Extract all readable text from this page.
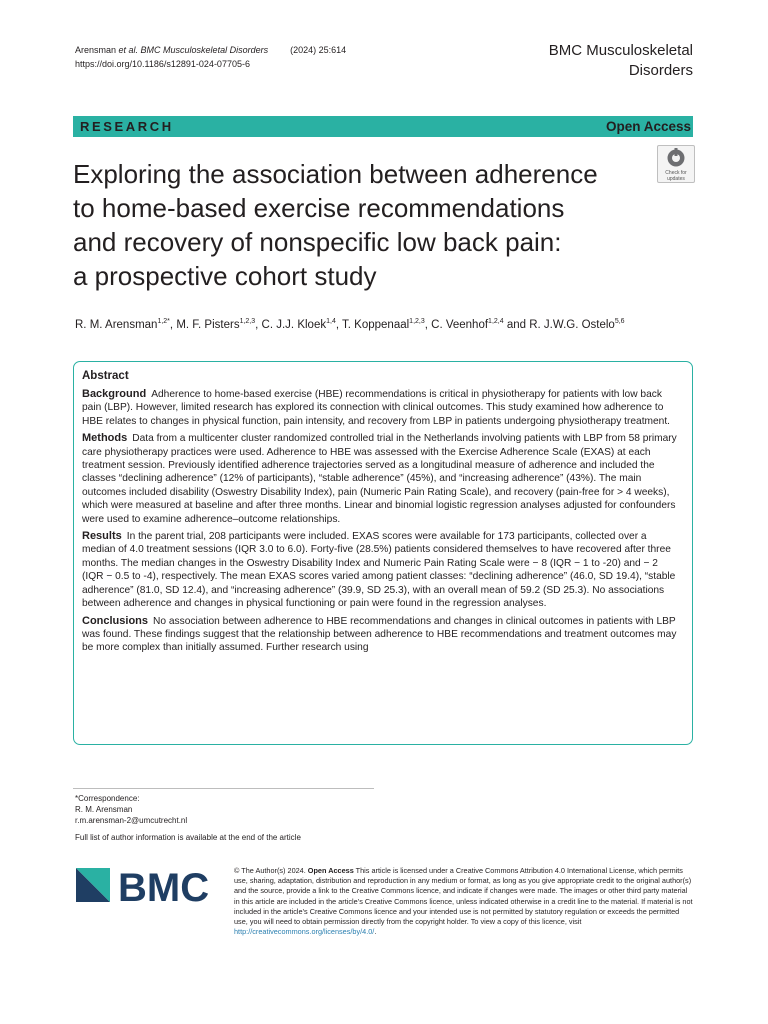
Arensman et al. BMC Musculoskeletal Disorders (2024) 25:614
https://doi.org/10.1186/s12891-024-07705-6
BMC Musculoskeletal
Disorders
RESEARCH	Open Access
Check for updates
Exploring the association between adherence
to home-based exercise recommendations
and recovery of nonspecific low back pain:
a prospective cohort study
R. M. Arensman$^{1,2*}$, M. F. Pisters$^{1,2,3}$, C. J.J. Kloek$^{1,4}$, T. Koppenaal$^{1,2,3}$, C. Veenhof$^{1,2,4}$ and R. J.W.G. Ostelo$^{5,6}$
Abstract

Background Adherence to home-based exercise (HBE) recommendations is critical in physiotherapy for patients with low back pain (LBP). However, limited research has explored its connection with clinical outcomes. This study examined how adherence to HBE relates to changes in physical function, pain intensity, and recovery from LBP in patients undergoing physiotherapy treatment.

Methods Data from a multicenter cluster randomized controlled trial in the Netherlands involving patients with LBP from 58 primary care physiotherapy practices were used. Adherence to HBE was assessed with the Exercise Adherence Scale (EXAS) at each treatment session. Previously identified adherence trajectories served as a longitudinal measure of adherence and included the classes “declining adherence” (12% of participants), “stable adherence” (45%), and “increasing adherence” (43%). The main outcomes included disability (Oswestry Disability Index), pain (Numeric Pain Rating Scale), and recovery (pain-free for > 4 weeks), which were measured at baseline and after three months. Linear and binomial logistic regression analyses adjusted for confounders were used to examine adherence–outcome relationships.

Results In the parent trial, 208 participants were included. EXAS scores were available for 173 participants, collected over a median of 4.0 treatment sessions (IQR 3.0 to 6.0). Forty-five (28.5%) patients considered themselves to have recovered after three months. The median changes in the Oswestry Disability Index and Numeric Pain Rating Scale were − 8 (IQR − 1 to -20) and − 2 (IQR − 0.5 to -4), respectively. The mean EXAS scores varied among patient classes: “declining adherence” (46.0, SD 19.4), “stable adherence” (81.0, SD 12.4), and “increasing adherence” (39.9, SD 25.3), with an overall mean of 59.2 (SD 25.3). No associations between adherence and changes in physical functioning or pain were found in the regression analyses.

Conclusions No association between adherence to HBE recommendations and changes in clinical outcomes in patients with LBP was found. These findings suggest that the relationship between adherence to HBE recommendations and treatment outcomes may be more complex than initially assumed. Further research using

*Correspondence:
R. M. Arensman
r.m.arensman-2@umcutrecht.nl
Full list of author information is available at the end of the article
BMC	© The Author(s) 2024. Open Access This article is licensed under a Creative Commons Attribution 4.0 International License, which permits use, sharing, adaptation, distribution and reproduction in any medium or format, as long as you give appropriate credit to the original author(s) and the source, provide a link to the Creative Commons licence, and indicate if changes were made. The images or other third party material in this article are included in the article’s Creative Commons licence, unless indicated otherwise in a credit line to the material. If material is not included in the article’s Creative Commons licence and your intended use is not permitted by statutory regulation or exceeds the permitted use, you will need to obtain permission directly from the copyright holder. To view a copy of this licence, visit http://creativecommons.org/licenses/by/4.0/.
